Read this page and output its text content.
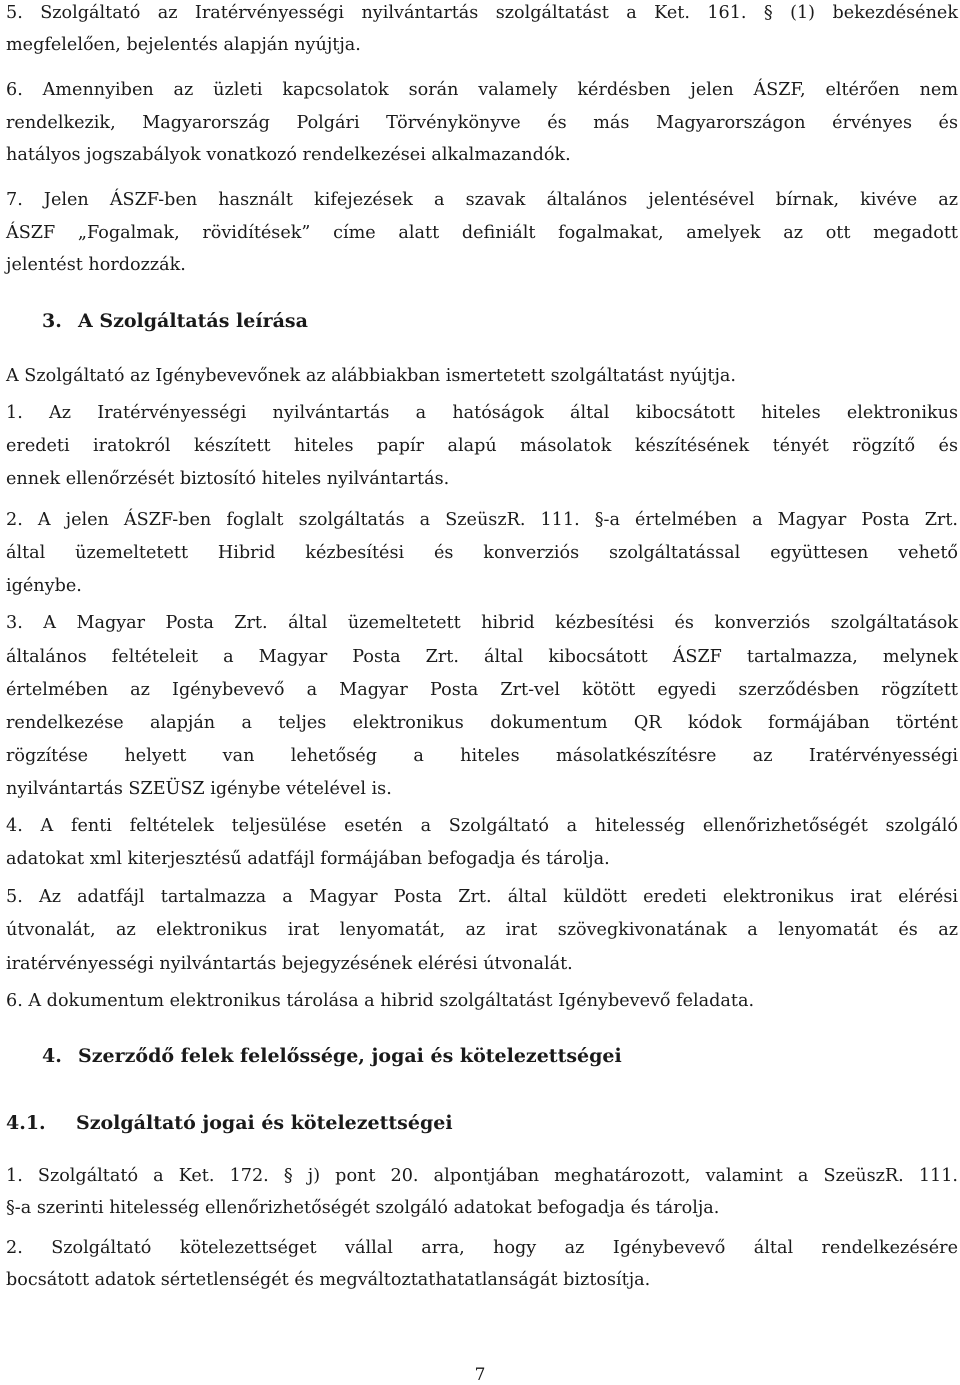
5. Szolgáltató az Iratérvényességi nyilvántartás szolgáltatást a Ket. 161. § (1) bekezdésének
megfelelően, bejelentés alapján nyújtja.
6. Amennyiben az üzleti kapcsolatok során valamely kérdésben jelen ÁSZF, eltérően nem
rendelkezik, Magyarország Polgári Törvénykönyve és más Magyarországon érvényes és
hatályos jogszabályok vonatkozó rendelkezései alkalmazandók.
7. Jelen ÁSZF-ben használt kifejezések a szavak általános jelentésével bírnak, kivéve az
ÁSZF „Fogalmak, rövidítések” címe alatt definiált fogalmakat, amelyek az ott megadott
jelentést hordozzák.
3. A Szolgáltatás leírása
A Szolgáltató az Igénybevevőnek az alábbiakban ismertetett szolgáltatást nyújtja.
1. Az Iratérvényességi nyilvántartás a hatóságok által kibocsátott hiteles elektronikus
eredeti iratokról készített hiteles papír alapú másolatok készítésének tényét rögzítő és
ennek ellenőrzését biztosító hiteles nyilvántartás.
2. A jelen ÁSZF-ben foglalt szolgáltatás a SzeüszR. 111. §-a értelmében a Magyar Posta Zrt.
által üzemeltetett Hibrid kézbesítési és konverziós szolgáltatással együttesen vehető
igénybe.
3. A Magyar Posta Zrt. által üzemeltetett hibrid kézbesítési és konverziós szolgáltatások
általános feltételeit a Magyar Posta Zrt. által kibocsátott ÁSZF tartalmazza, melynek
értelmében az Igénybevevő a Magyar Posta Zrt-vel kötött egyedi szerződésben rögzített
rendelkezése alapján a teljes elektronikus dokumentum QR kódok formájában történt
rögzítése helyett van lehetőség a hiteles másolatkészítésre az Iratérvényességi
nyilvántartás SZEÜSZ igénybe vételével is.
4. A fenti feltételek teljesülése esetén a Szolgáltató a hitelesség ellenőrizhetőségét szolgáló
adatokat xml kiterjesztésű adatfájl formájában befogadja és tárolja.
5. Az adatfájl tartalmazza a Magyar Posta Zrt. által küldött eredeti elektronikus irat elérési
útvonalát, az elektronikus irat lenyomatát, az irat szövegkivonatának a lenyomatát és az
iratérvényességi nyilvántartás bejegyzésének elérési útvonalát.
6. A dokumentum elektronikus tárolása a hibrid szolgáltatást Igénybevevő feladata.
4. Szerződő felek felelőssége, jogai és kötelezettségei
4.1. Szolgáltató jogai és kötelezettségei
1. Szolgáltató a Ket. 172. § j) pont 20. alpontjában meghatározott, valamint a SzeüszR. 111.
§-a szerinti hitelesség ellenőrizhetőségét szolgáló adatokat befogadja és tárolja.
2. Szolgáltató kötelezettséget vállal arra, hogy az Igénybevevő által rendelkezésére
bocsátott adatok sértetlenségét és megváltoztathatatlanságát biztosítja.
7
